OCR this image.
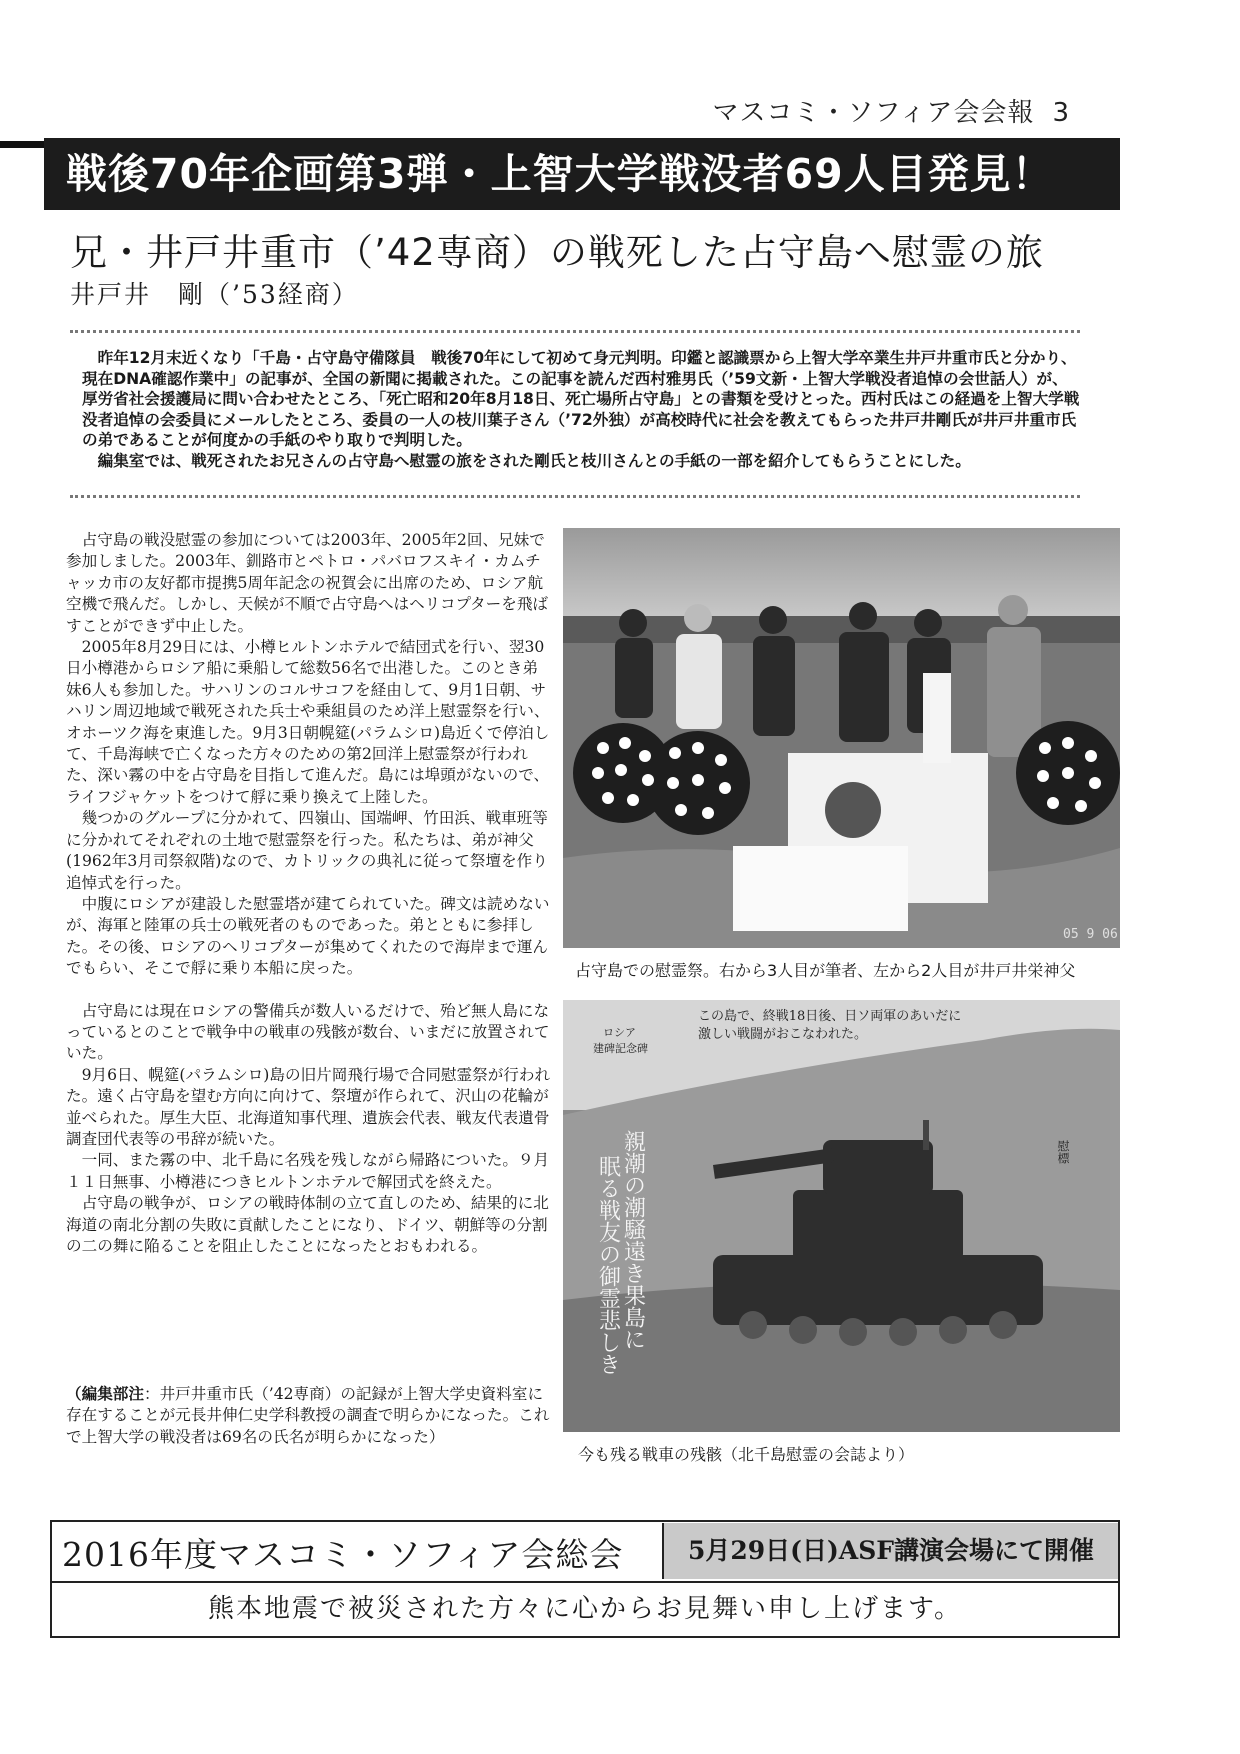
マスコミ・ソフィア会会報 3
戦後70年企画第3弾・上智大学戦没者69人目発見！
兄・井戸井重市（’42専商）の戦死した占守島へ慰霊の旅
井戸井　剛（’53経商）

昨年12月末近くなり「千島・占守島守備隊員　戦後70年にして初めて身元判明。印鑑と認識票から上智大学卒業生井戸井重市氏と分かり、現在DNA確認作業中」の記事が、全国の新聞に掲載された。この記事を読んだ西村雅男氏（’59文新・上智大学戦没者追悼の会世話人）が、厚労省社会援護局に問い合わせたところ、「死亡昭和20年8月18日、死亡場所占守島」との書類を受けとった。西村氏はこの経過を上智大学戦没者追悼の会委員にメールしたところ、委員の一人の枝川葉子さん（’72外独）が高校時代に社会を教えてもらった井戸井剛氏が井戸井重市氏の弟であることが何度かの手紙のやり取りで判明した。

編集室では、戦死されたお兄さんの占守島へ慰霊の旅をされた剛氏と枝川さんとの手紙の一部を紹介してもらうことにした。

占守島の戦没慰霊の参加については2003年、2005年2回、兄妹で参加しました。2003年、釧路市とペトロ・パバロフスキイ・カムチャッカ市の友好都市提携5周年記念の祝賀会に出席のため、ロシア航空機で飛んだ。しかし、天候が不順で占守島へはヘリコプターを飛ばすことができず中止した。

2005年8月29日には、小樽ヒルトンホテルで結団式を行い、翌30日小樽港からロシア船に乗船して総数56名で出港した。このとき弟妹6人も参加した。サハリンのコルサコフを経由して、9月1日朝、サハリン周辺地域で戦死された兵士や乗組員のため洋上慰霊祭を行い、オホーツク海を東進した。9月3日朝幌筵(パラムシロ)島近くで停泊して、千島海峡で亡くなった方々のための第2回洋上慰霊祭が行われた、深い霧の中を占守島を目指して進んだ。島には埠頭がないので、ライフジャケットをつけて艀に乗り換えて上陸した。

幾つかのグループに分かれて、四嶺山、国端岬、竹田浜、戦車班等に分かれてそれぞれの土地で慰霊祭を行った。私たちは、弟が神父(1962年3月司祭叙階)なので、カトリックの典礼に従って祭壇を作り追悼式を行った。

中腹にロシアが建設した慰霊塔が建てられていた。碑文は読めないが、海軍と陸軍の兵士の戦死者のものであった。弟とともに参拝した。その後、ロシアのヘリコプターが集めてくれたので海岸まで運んでもらい、そこで艀に乗り本船に戻った。

占守島には現在ロシアの警備兵が数人いるだけで、殆ど無人島になっているとのことで戦争中の戦車の残骸が数台、いまだに放置されていた。

9月6日、幌筵(パラムシロ)島の旧片岡飛行場で合同慰霊祭が行われた。遠く占守島を望む方向に向けて、祭壇が作られて、沢山の花輪が並べられた。厚生大臣、北海道知事代理、遺族会代表、戦友代表遺骨調査団代表等の弔辞が続いた。

一同、また霧の中、北千島に名残を残しながら帰路についた。９月１１日無事、小樽港につきヒルトンホテルで解団式を終えた。

占守島の戦争が、ロシアの戦時体制の立て直しのため、結果的に北海道の南北分割の失敗に貢献したことになり、ドイツ、朝鮮等の分割の二の舞に陥ることを阻止したことになったとおもわれる。

（編集部注：井戸井重市氏（’42専商）の記録が上智大学史資料室に存在することが元長井伸仁史学科教授の調査で明らかになった。これで上智大学の戦没者は69名の氏名が明らかになった）
05 9 06
占守島での慰霊祭。右から3人目が筆者、左から2人目が井戸井栄神父
この島で、終戦18日後、日ソ両軍のあいだに
激しい戦闘がおこなわれた。
ロシア
建碑記念碑
慰標
親潮の潮騒遠き果島に
眠る戦友の御霊悲しき
今も残る戦車の残骸（北千島慰霊の会誌より）
2016年度マスコミ・ソフィア会総会	5月29日(日)ASF講演会場にて開催
熊本地震で被災された方々に心からお見舞い申し上げます。
